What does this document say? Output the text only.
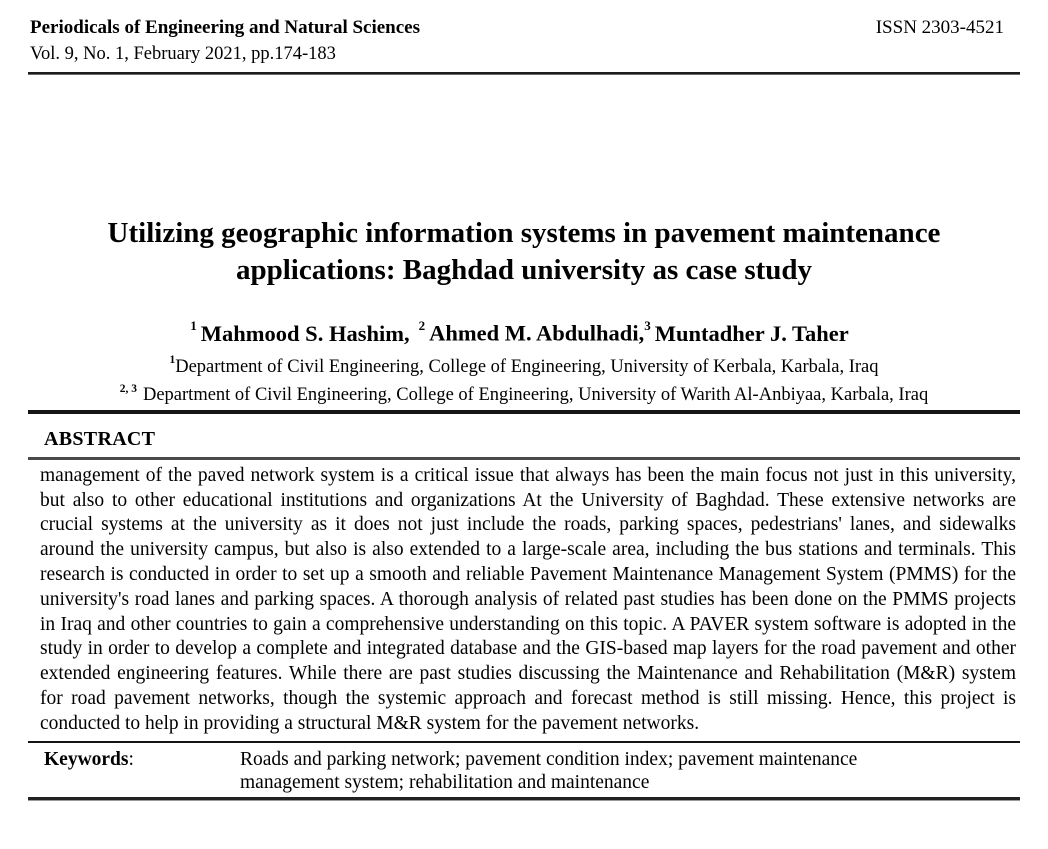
Periodicals of Engineering and Natural Sciences	ISSN 2303-4521
Vol. 9, No. 1, February 2021, pp.174-183
Utilizing geographic information systems in pavement maintenance applications: Baghdad university as case study
$^1$ Mahmood S. Hashim, $^2$ Ahmed M. Abdulhadi,$^3$ Muntadher J. Taher
$^1$Department of Civil Engineering, College of Engineering, University of Kerbala, Karbala, Iraq
$^{2, 3}$ Department of Civil Engineering, College of Engineering, University of Warith Al-Anbiyaa, Karbala, Iraq
ABSTRACT
management of the paved network system is a critical issue that always has been the main focus not just in this university, but also to other educational institutions and organizations At the University of Baghdad. These extensive networks are crucial systems at the university as it does not just include the roads, parking spaces, pedestrians' lanes, and sidewalks around the university campus, but also is also extended to a large-scale area, including the bus stations and terminals. This research is conducted in order to set up a smooth and reliable Pavement Maintenance Management System (PMMS) for the university's road lanes and parking spaces. A thorough analysis of related past studies has been done on the PMMS projects in Iraq and other countries to gain a comprehensive understanding on this topic. A PAVER system software is adopted in the study in order to develop a complete and integrated database and the GIS-based map layers for the road pavement and other extended engineering features. While there are past studies discussing the Maintenance and Rehabilitation (M&R) system for road pavement networks, though the systemic approach and forecast method is still missing. Hence, this project is conducted to help in providing a structural M&R system for the pavement networks.
Keywords:	Roads and parking network; pavement condition index; pavement maintenance management system; rehabilitation and maintenance
